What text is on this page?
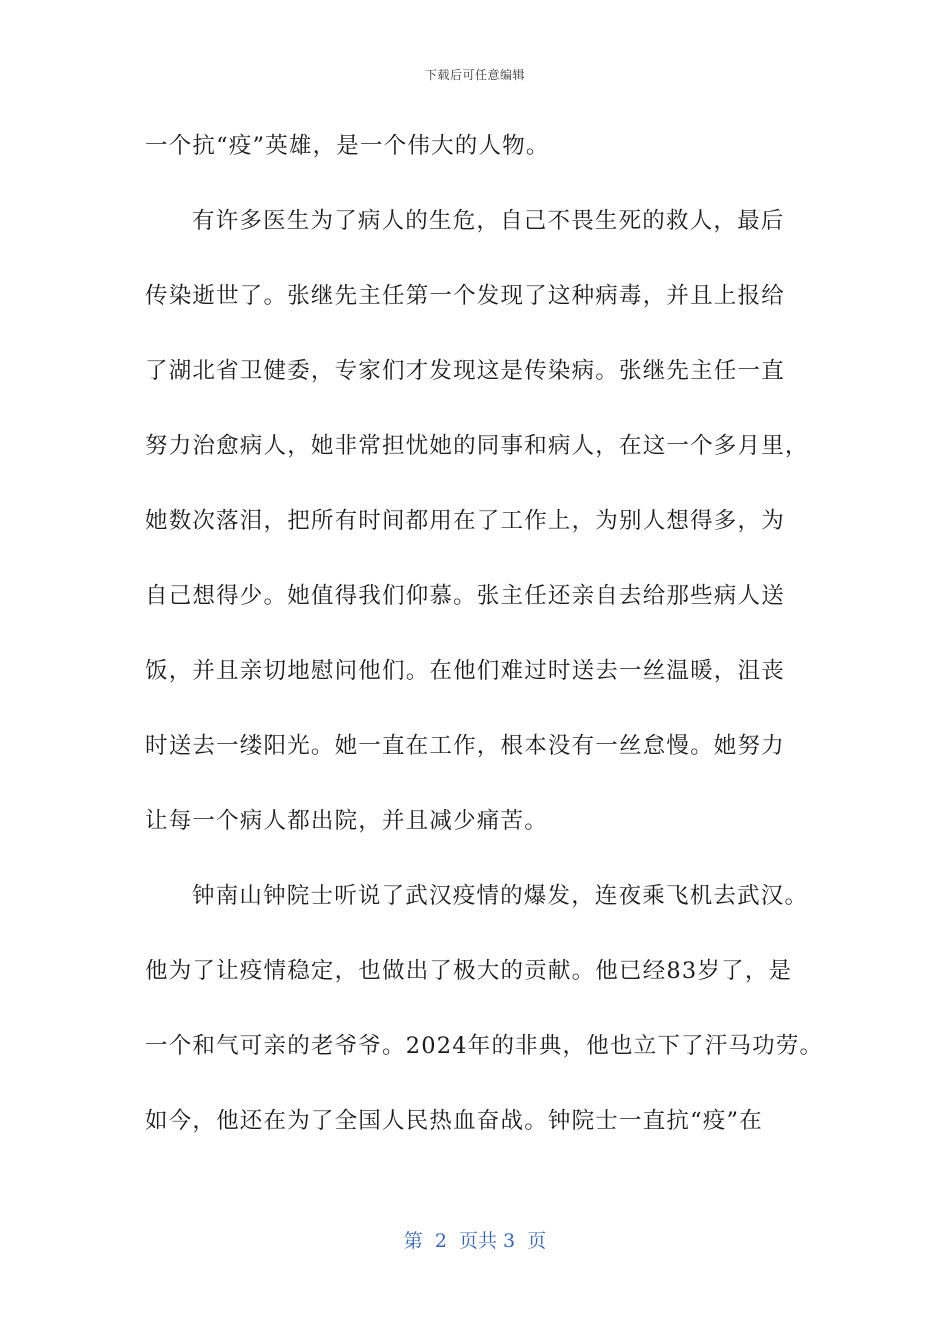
下载后可任意编辑
一个抗“疫”英雄，是一个伟大的人物。
有许多医生为了病人的生危，自己不畏生死的救人，最后
传染逝世了。张继先主任第一个发现了这种病毒，并且上报给
了湖北省卫健委，专家们才发现这是传染病。张继先主任一直
努力治愈病人，她非常担忧她的同事和病人，在这一个多月里，
她数次落泪，把所有时间都用在了工作上，为别人想得多，为
自己想得少。她值得我们仰慕。张主任还亲自去给那些病人送
饭，并且亲切地慰问他们。在他们难过时送去一丝温暖，沮丧
时送去一缕阳光。她一直在工作，根本没有一丝怠慢。她努力
让每一个病人都出院，并且减少痛苦。
钟南山钟院士听说了武汉疫情的爆发，连夜乘飞机去武汉。
他为了让疫情稳定，也做出了极大的贡献。他已经83岁了，是
一个和气可亲的老爷爷。2024年的非典，他也立下了汗马功劳。
如今，他还在为了全国人民热血奋战。钟院士一直抗“疫”在
第  2  页共 3  页
